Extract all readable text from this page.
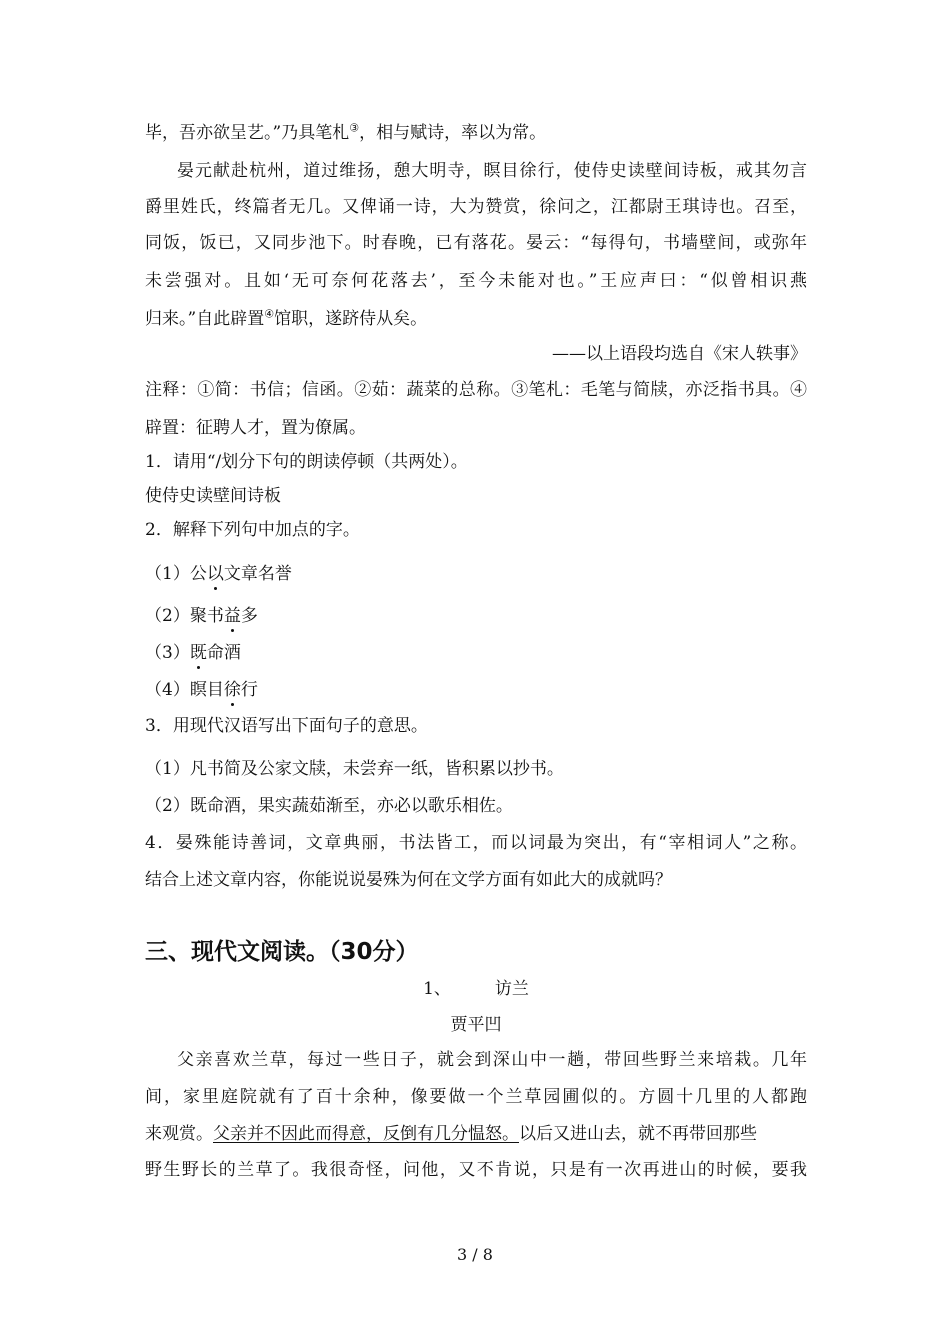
毕，吾亦欲呈艺。”乃具笔札③，相与赋诗，率以为常。
晏元献赴杭州，道过维扬，憩大明寺，瞑目徐行，使侍史读壁间诗板，戒其勿言
爵里姓氏，终篇者无几。又俾诵一诗，大为赞赏，徐问之，江都尉王琪诗也。召至，
同饭，饭已，又同步池下。时春晚，已有落花。晏云：“每得句，书墙壁间，或弥年
未尝强对。且如‘无可奈何花落去’，至今未能对也。”王应声曰：“似曾相识燕
归来。”自此辟置④馆职，遂跻侍从矣。
——以上语段均选自《宋人轶事》
注释：①简：书信；信函。②茹：蔬菜的总称。③笔札：毛笔与简牍，亦泛指书具。④
辟置：征聘人才，置为僚属。
1．请用“/划分下句的朗读停顿（共两处）。
使侍史读壁间诗板
2．解释下列句中加点的字。
（1）公以文章名誉
（2）聚书益多
（3）既命酒
（4）瞑目徐行
3．用现代汉语写出下面句子的意思。
（1）凡书简及公家文牍，未尝弃一纸，皆积累以抄书。
（2）既命酒，果实蔬茹渐至，亦必以歌乐相佐。
4．晏殊能诗善词，文章典丽，书法皆工，而以词最为突出，有“宰相词人”之称。
结合上述文章内容，你能说说晏殊为何在文学方面有如此大的成就吗？
三、现代文阅读。（30分）
1、	访兰
贾平凹
父亲喜欢兰草，每过一些日子，就会到深山中一趟，带回些野兰来培栽。几年
间，家里庭院就有了百十余种，像要做一个兰草园圃似的。方圆十几里的人都跑
来观赏。父亲并不因此而得意，反倒有几分愠怒。以后又进山去，就不再带回那些
野生野长的兰草了。我很奇怪，问他，又不肯说，只是有一次再进山的时候，要我
3 / 8
